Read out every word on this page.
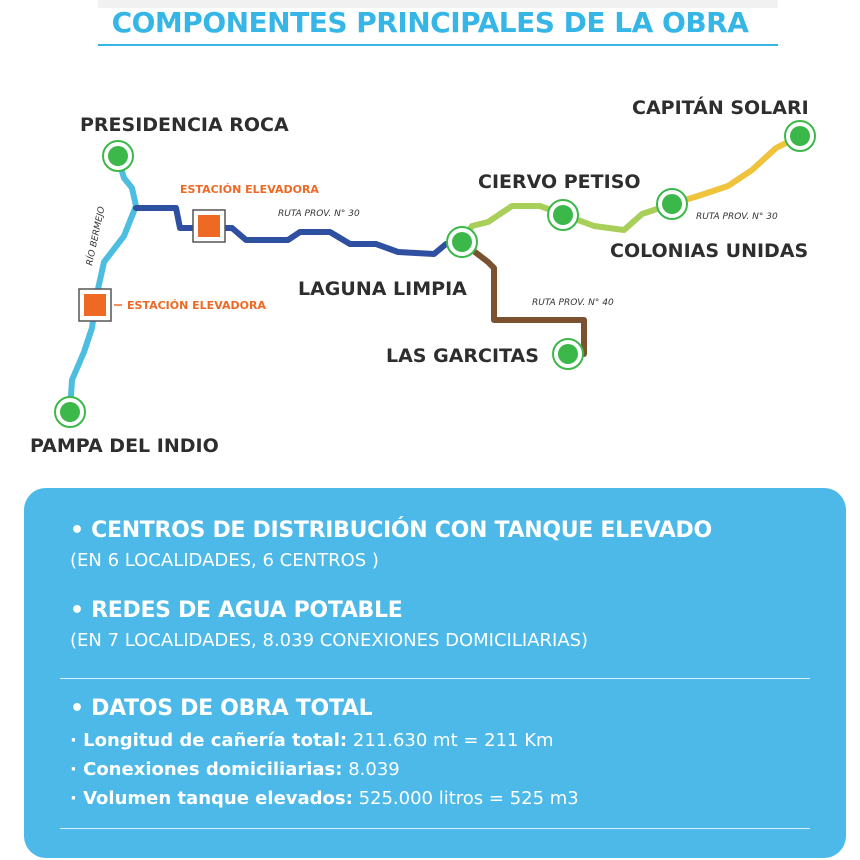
COMPONENTES PRINCIPALES DE LA OBRA
PRESIDENCIA ROCA
PAMPA DEL INDIO
LAGUNA LIMPIA
LAS GARCITAS
CIERVO PETISO
COLONIAS UNIDAS
CAPITÁN SOLARI
ESTACIÓN ELEVADORA
ESTACIÓN ELEVADORA
RUTA PROV. N° 30	RUTA PROV. N° 30
RUTA PROV. N° 40
RÍO BERMEJO
• CENTROS DE DISTRIBUCIÓN CON TANQUE ELEVADO
(EN 6 LOCALIDADES, 6 CENTROS )
• REDES DE AGUA POTABLE
(EN 7 LOCALIDADES, 8.039 CONEXIONES DOMICILIARIAS)
• DATOS DE OBRA TOTAL
· Longitud de cañería total: 211.630 mt = 211 Km
· Conexiones domiciliarias: 8.039
· Volumen tanque elevados: 525.000 litros = 525 m3
